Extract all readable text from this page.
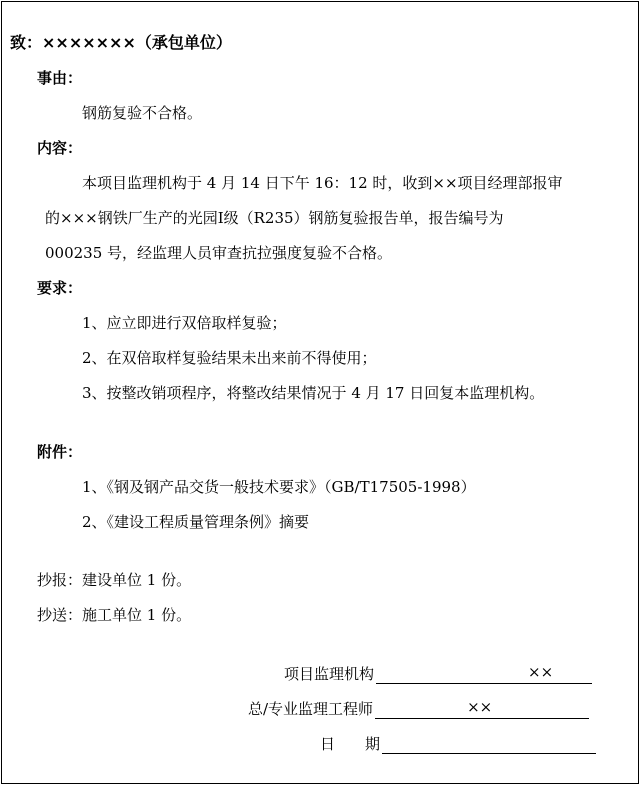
致：×××××××（承包单位）
事由：
钢筋复验不合格。
内容：
本项目监理机构于 4 月 14 日下午 16：12 时，收到××项目经理部报审
的×××钢铁厂生产的光园Ⅰ级（R235）钢筋复验报告单，报告编号为
000235 号，经监理人员审查抗拉强度复验不合格。
要求：
1、应立即进行双倍取样复验；
2、在双倍取样复验结果未出来前不得使用；
3、按整改销项程序，将整改结果情况于 4 月 17 日回复本监理机构。
附件：
1、《钢及钢产品交货一般技术要求》（GB/T17505-1998）
2、《建设工程质量管理条例》摘要
抄报：建设单位 1 份。
抄送：施工单位 1 份。
项目监理机构	××
总/专业监理工程师	××
日　　期
